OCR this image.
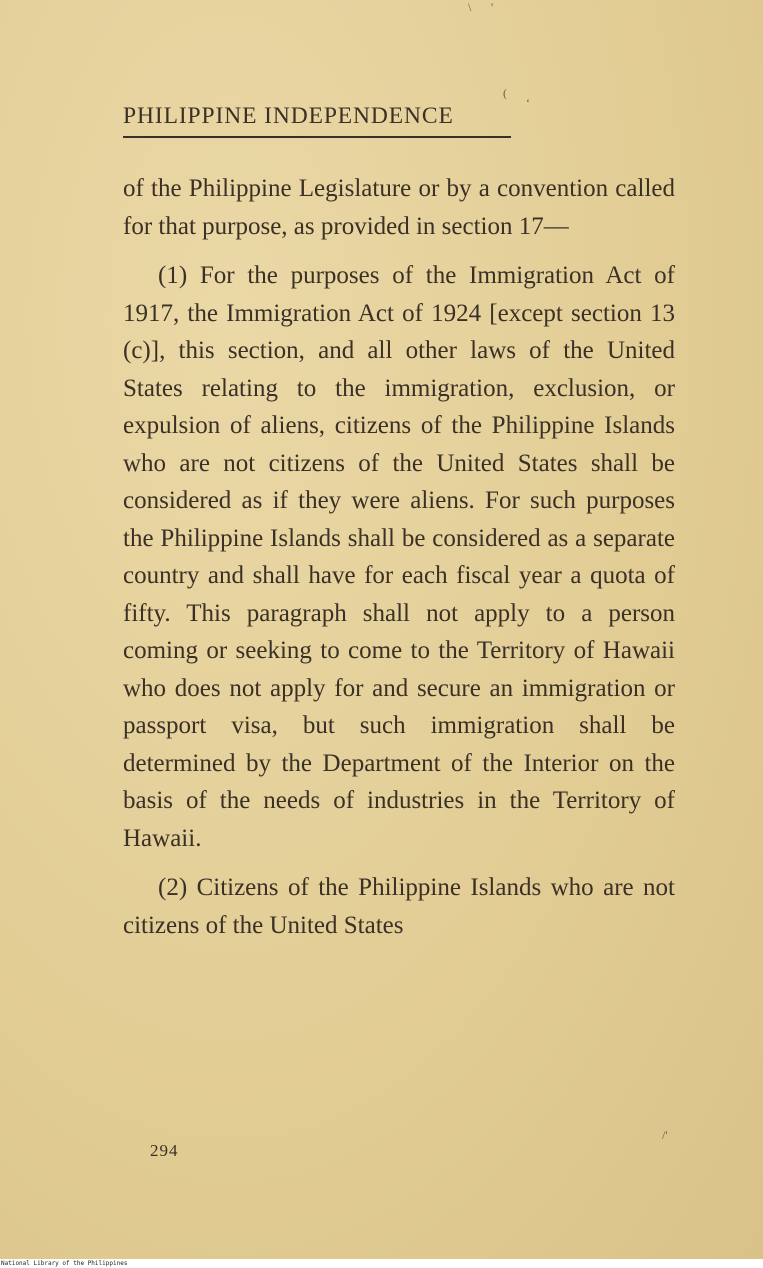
\ '
(
‘
/'
PHILIPPINE INDEPENDENCE

of the Philippine Legislature or by a convention called for that purpose, as provided in section 17—

(1) For the purposes of the Immigration Act of 1917, the Immigration Act of 1924 [except section 13 (c)], this section, and all other laws of the United States relating to the immigration, exclusion, or expulsion of aliens, citizens of the Philippine Islands who are not citizens of the United States shall be considered as if they were aliens. For such purposes the Philippine Islands shall be considered as a separate country and shall have for each fiscal year a quota of fifty. This paragraph shall not apply to a person coming or seeking to come to the Territory of Hawaii who does not apply for and secure an immigration or passport visa, but such immigration shall be determined by the Department of the Interior on the basis of the needs of industries in the Territory of Hawaii.

(2) Citizens of the Philippine Islands who are not citizens of the United States

294
National Library of the Philippines
